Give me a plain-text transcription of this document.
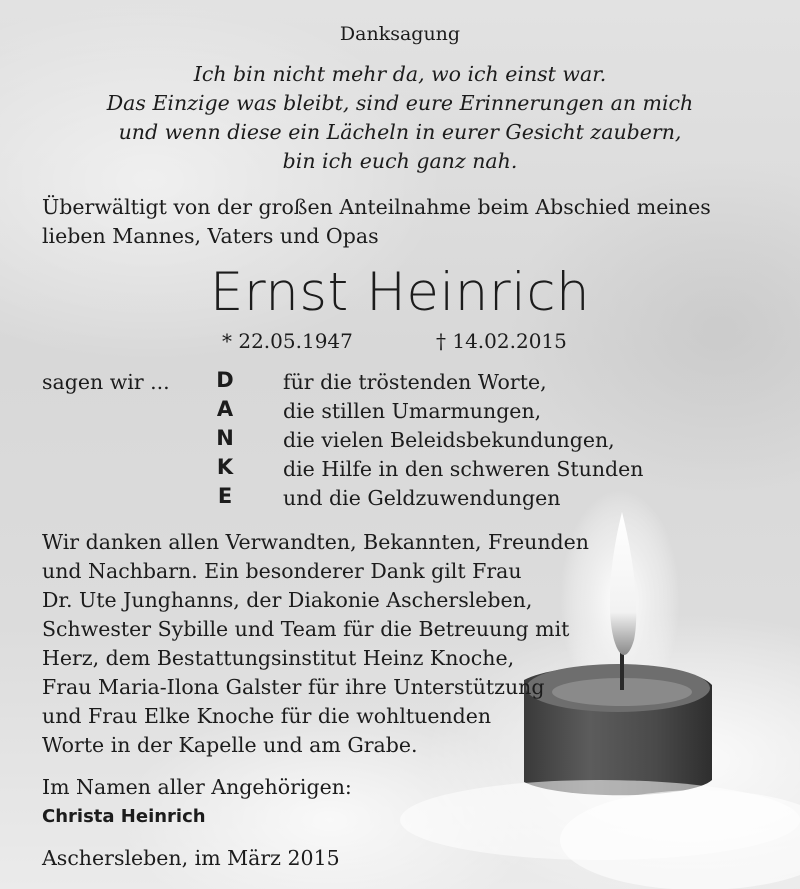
Danksagung
Ich bin nicht mehr da, wo ich einst war.
Das Einzige was bleibt, sind eure Erinnerungen an mich
und wenn diese ein Lächeln in eurer Gesicht zaubern,
bin ich euch ganz nah.
Überwältigt von der großen Anteilnahme beim Abschied meines
lieben Mannes, Vaters und Opas
Ernst Heinrich
* 22.05.1947	† 14.02.2015
sagen wir ... D
A
N
K
E
für die tröstenden Worte,
die stillen Umarmungen,
die vielen Beleidsbekundungen,
die Hilfe in den schweren Stunden
und die Geldzuwendungen
Wir danken allen Verwandten, Bekannten, Freunden
und Nachbarn. Ein besonderer Dank gilt Frau
Dr. Ute Junghanns, der Diakonie Aschersleben,
Schwester Sybille und Team für die Betreuung mit
Herz, dem Bestattungsinstitut Heinz Knoche,
Frau Maria-Ilona Galster für ihre Unterstützung
und Frau Elke Knoche für die wohltuenden
Worte in der Kapelle und am Grabe.
Im Namen aller Angehörigen:
Christa Heinrich
Aschersleben, im März 2015
